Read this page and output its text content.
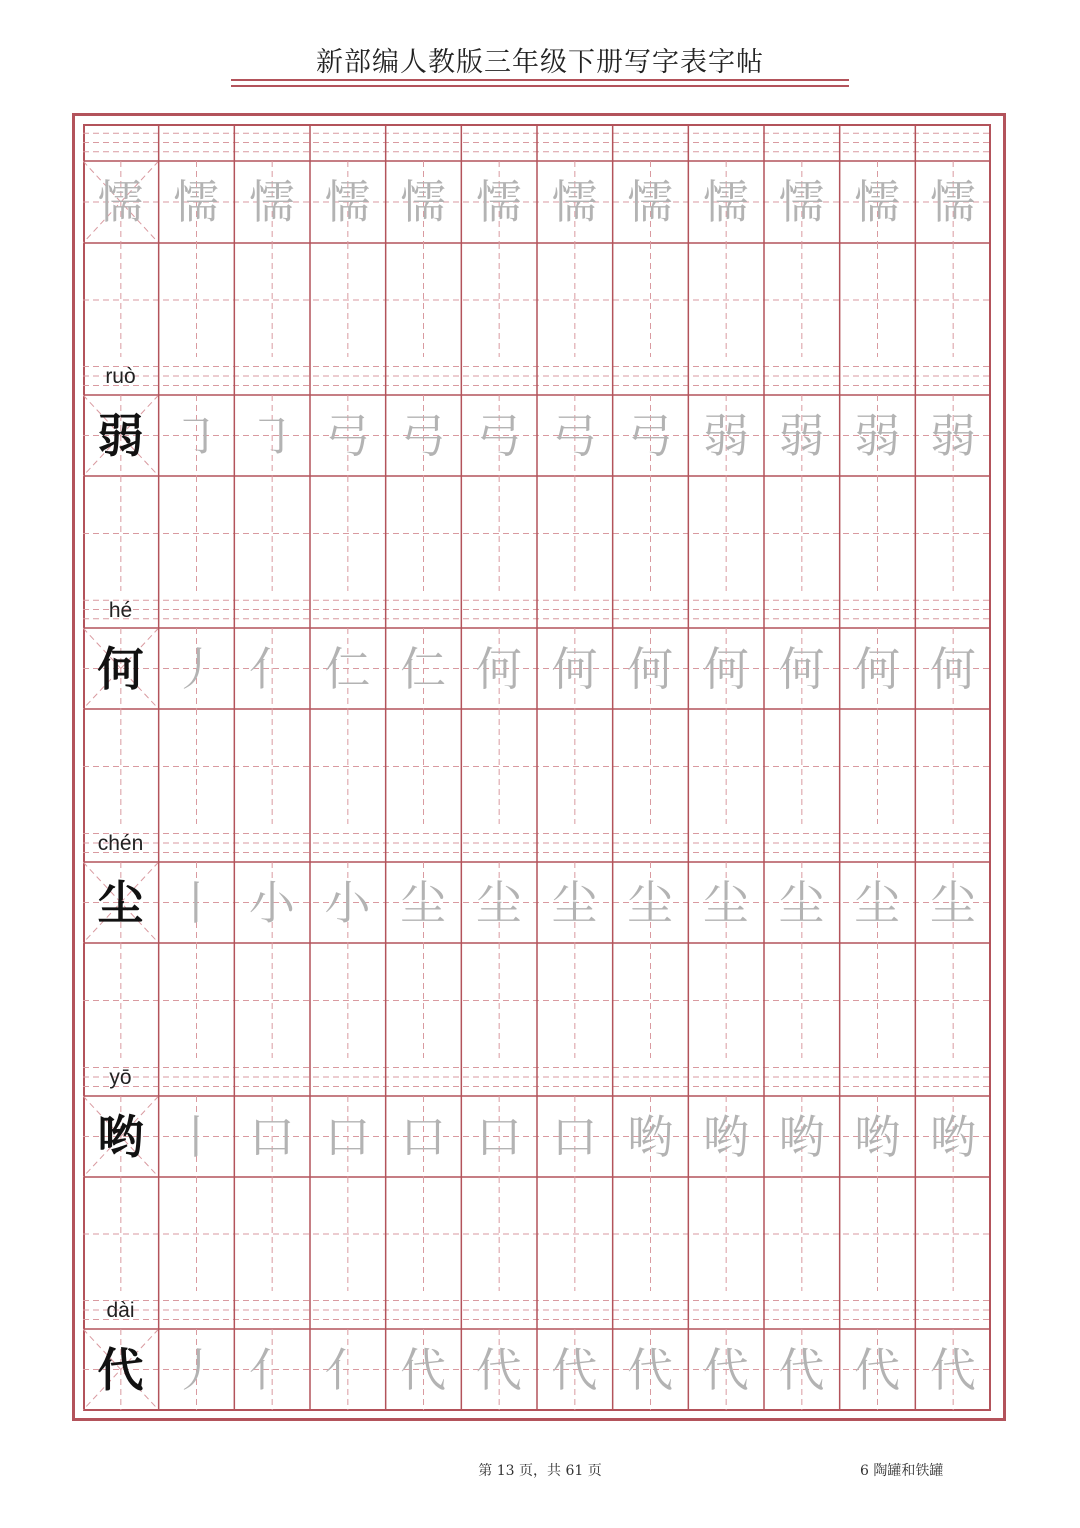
新部编人教版三年级下册写字表字帖
懦 懦 懦 懦 懦 懦 懦 懦 懦 懦 懦 懦
ruò
弱 ㇆ ㇆ 弓 弓 弓 弓 弓 弱 弱 弱 弱
hé
何 丿 亻 仁 仁 何 何 何 何 何 何 何
chén
尘 丨 小 小 尘 尘 尘 尘 尘 尘 尘 尘
yō
哟 丨 口 口 口 口 口 哟 哟 哟 哟 哟
dài
代 丿 亻 亻 代 代 代 代 代 代 代 代
第 13 页，共 61 页	6 陶罐和铁罐
